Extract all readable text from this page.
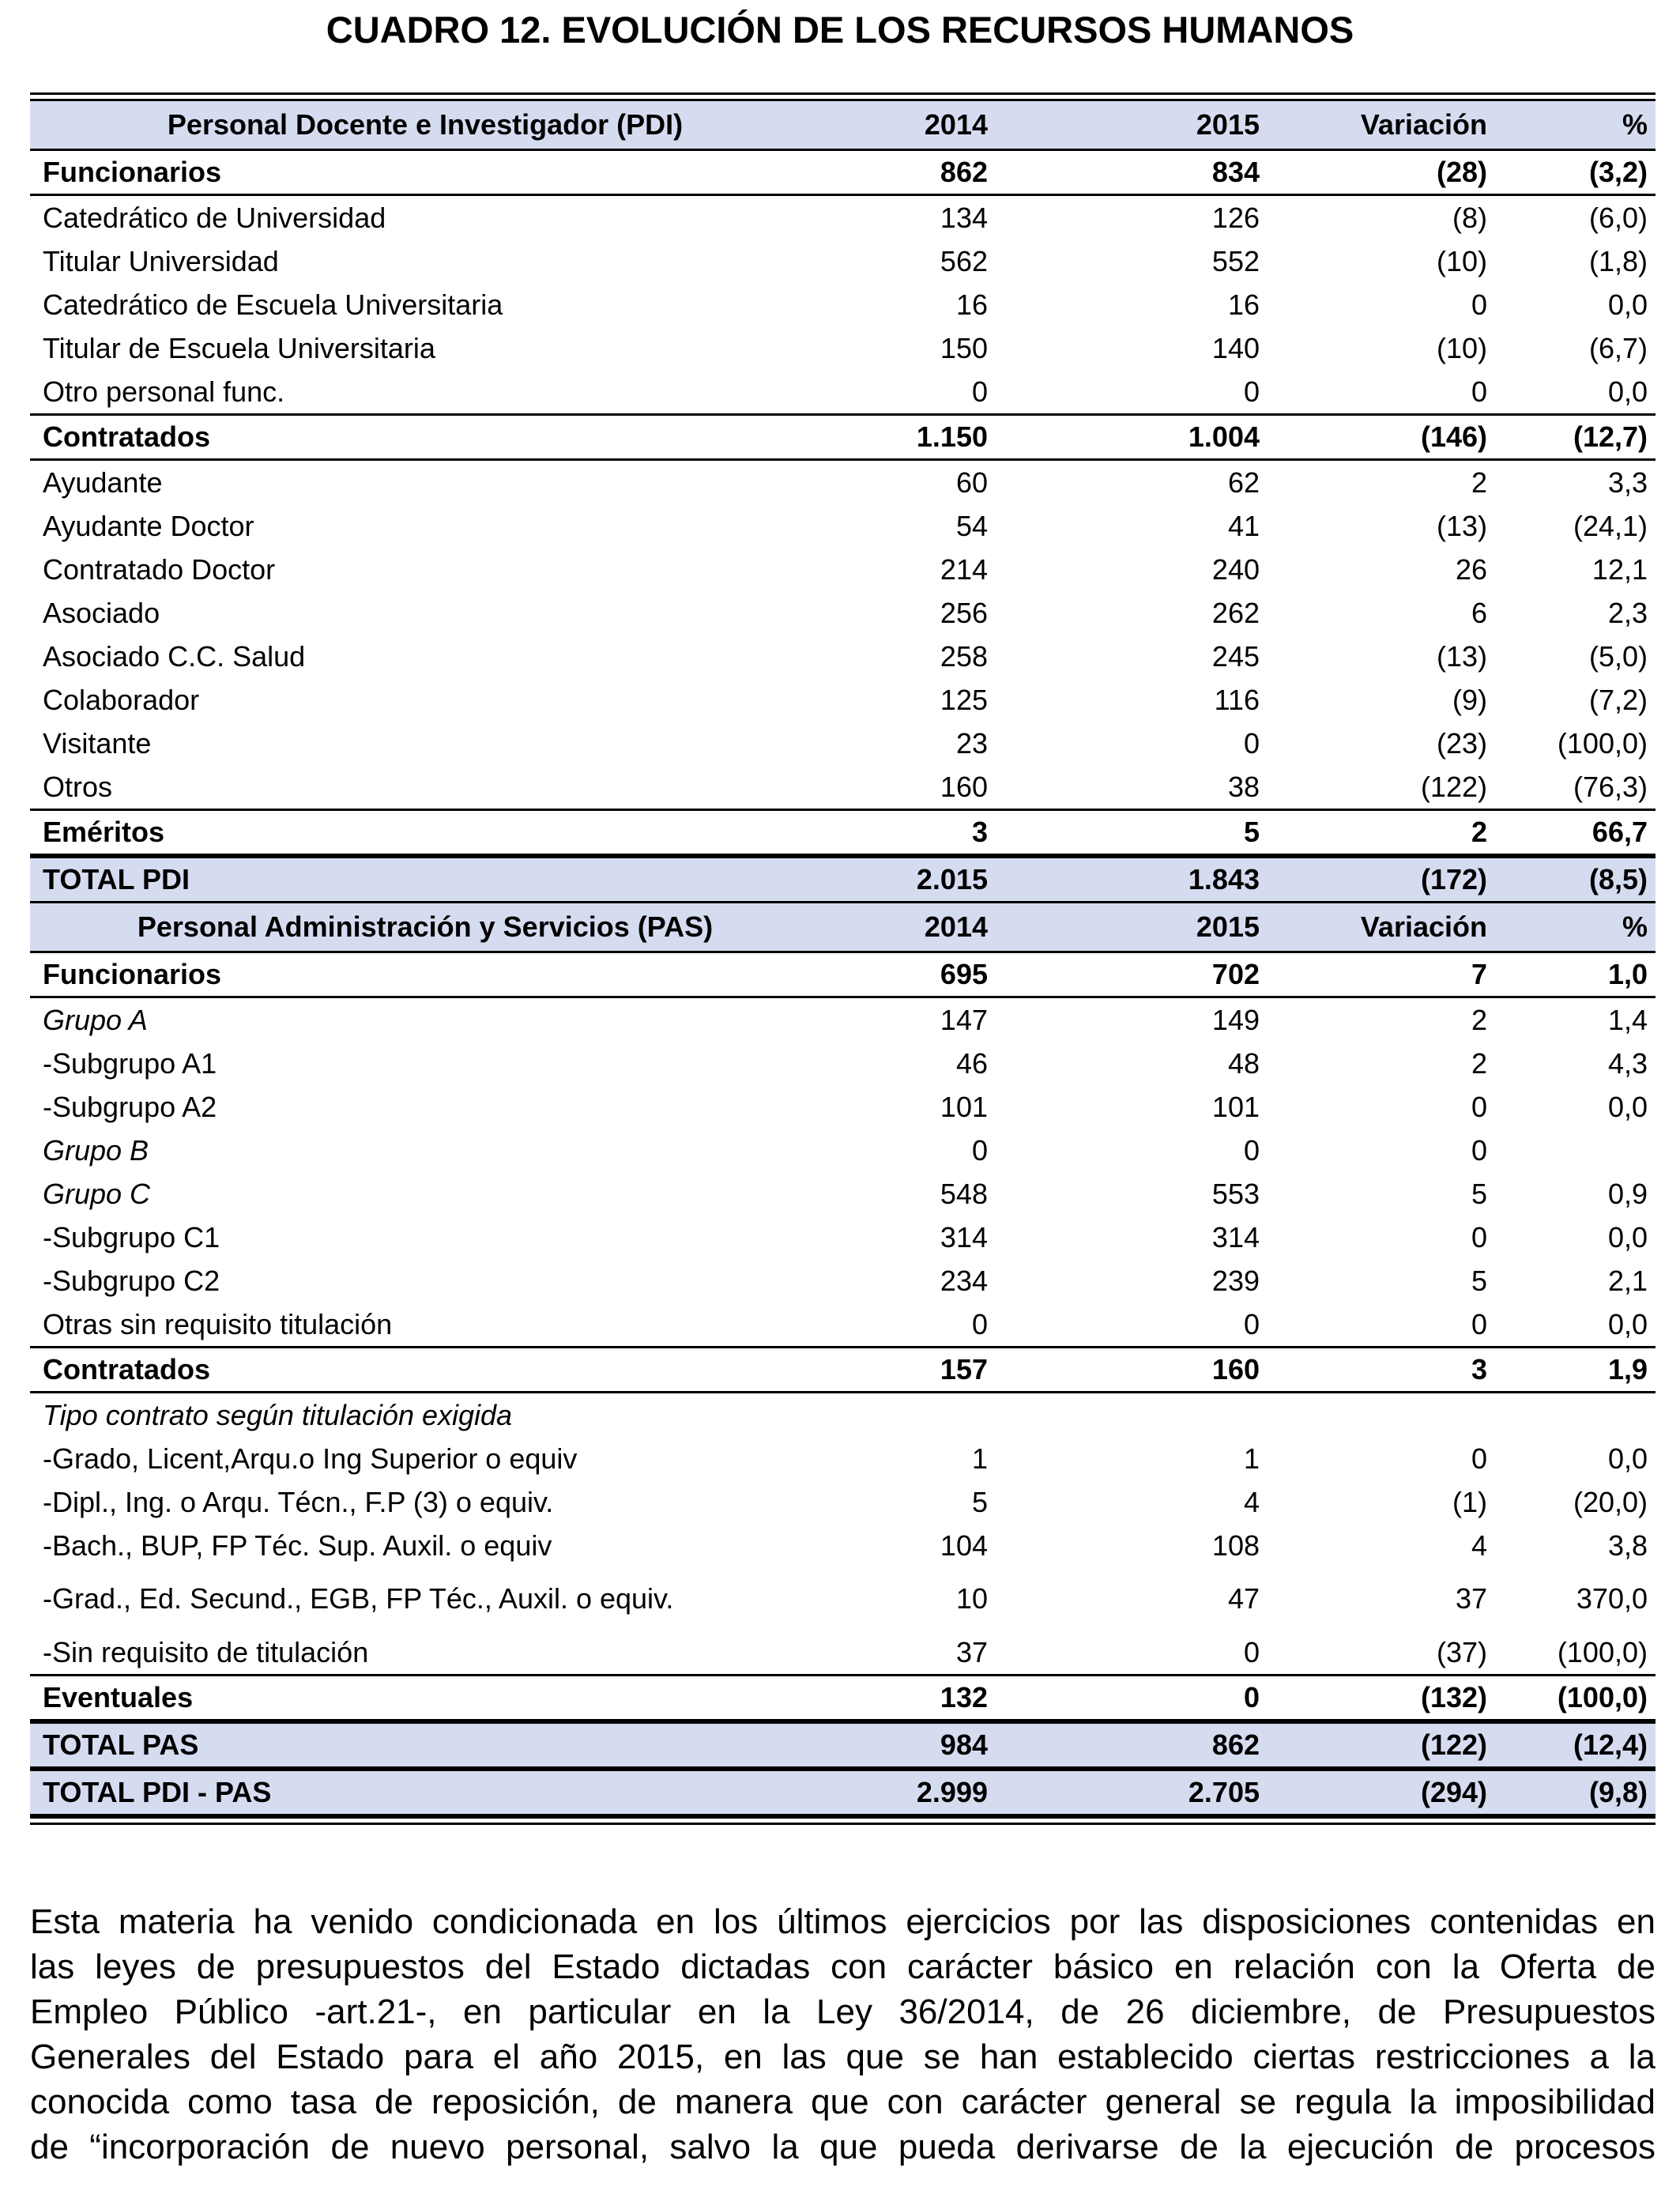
CUADRO 12. EVOLUCIÓN DE LOS RECURSOS HUMANOS
Personal Docente e Investigador (PDI)	2014	2015	Variación	%
Funcionarios	862	834	(28)	(3,2)
Catedrático de Universidad	134	126	(8)	(6,0)
Titular Universidad	562	552	(10)	(1,8)
Catedrático de Escuela Universitaria	16	16	0	0,0
Titular de Escuela Universitaria	150	140	(10)	(6,7)
Otro personal func.	0	0	0	0,0
Contratados	1.150	1.004	(146)	(12,7)
Ayudante	60	62	2	3,3
Ayudante Doctor	54	41	(13)	(24,1)
Contratado Doctor	214	240	26	12,1
Asociado	256	262	6	2,3
Asociado C.C. Salud	258	245	(13)	(5,0)
Colaborador	125	116	(9)	(7,2)
Visitante	23	0	(23)	(100,0)
Otros	160	38	(122)	(76,3)
Eméritos	3	5	2	66,7
TOTAL PDI	2.015	1.843	(172)	(8,5)
Personal Administración y Servicios (PAS)	2014	2015	Variación	%
Funcionarios	695	702	7	1,0
Grupo A	147	149	2	1,4
-Subgrupo A1	46	48	2	4,3
-Subgrupo A2	101	101	0	0,0
Grupo B	0	0	0
Grupo C	548	553	5	0,9
-Subgrupo C1	314	314	0	0,0
-Subgrupo C2	234	239	5	2,1
Otras sin requisito titulación	0	0	0	0,0
Contratados	157	160	3	1,9
Tipo contrato según titulación exigida
-Grado, Licent,Arqu.o Ing Superior o equiv	1	1	0	0,0
-Dipl., Ing. o Arqu. Técn., F.P (3) o equiv.	5	4	(1)	(20,0)
-Bach., BUP, FP Téc. Sup. Auxil. o equiv	104	108	4	3,8
-Grad., Ed. Secund., EGB, FP Téc., Auxil. o equiv.	10	47	37	370,0
-Sin requisito de titulación	37	0	(37)	(100,0)
Eventuales	132	0	(132)	(100,0)
TOTAL PAS	984	862	(122)	(12,4)
TOTAL PDI - PAS	2.999	2.705	(294)	(9,8)
Esta materia ha venido condicionada en los últimos ejercicios por las disposiciones contenidas en
las leyes de presupuestos del Estado dictadas con carácter básico en relación con la Oferta de
Empleo Público -art.21-, en particular en la Ley 36/2014, de 26 diciembre, de Presupuestos
Generales del Estado para el año 2015, en las que se han establecido ciertas restricciones a la
conocida como tasa de reposición, de manera que con carácter general se regula la imposibilidad
de “incorporación de nuevo personal, salvo la que pueda derivarse de la ejecución de procesos
